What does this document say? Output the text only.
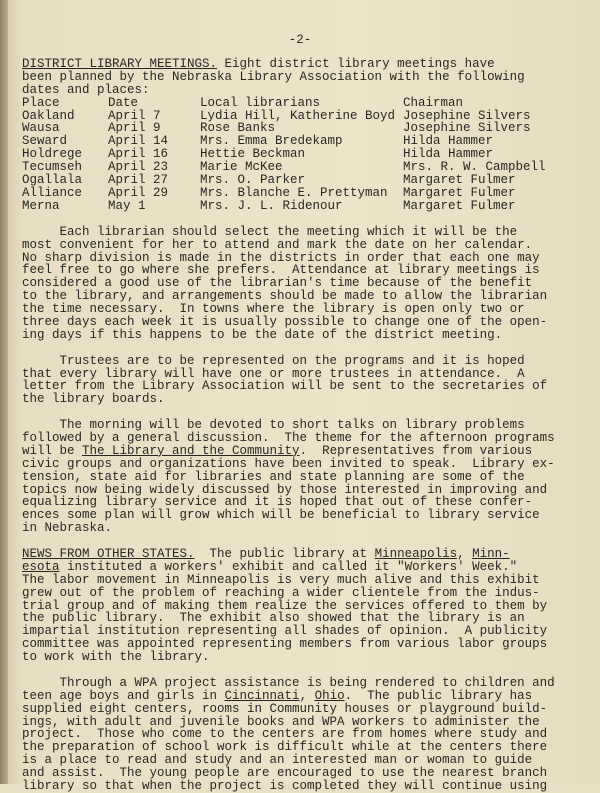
-2-
DISTRICT LIBRARY MEETINGS. Eight district library meetings have
been planned by the Nebraska Library Association with the following
dates and places:
Place	Date	Local librarians	Chairman
Oakland	April 7	Lydia Hill, Katherine Boyd	Josephine Silvers
Wausa	April 9	Rose Banks	Josephine Silvers
Seward	April 14	Mrs. Emma Bredekamp	Hilda Hammer
Holdrege	April 16	Hettie Beckman	Hilda Hammer
Tecumseh	April 23	Marie McKee	Mrs. R. W. Campbell
Ogallala	April 27	Mrs. O. Parker	Margaret Fulmer
Alliance	April 29	Mrs. Blanche E. Prettyman	Margaret Fulmer
Merna	May 1	Mrs. J. L. Ridenour	Margaret Fulmer
Each librarian should select the meeting which it will be the
most convenient for her to attend and mark the date on her calendar.
No sharp division is made in the districts in order that each one may
feel free to go where she prefers.  Attendance at library meetings is
considered a good use of the librarian's time because of the benefit
to the library, and arrangements should be made to allow the librarian
the time necessary.  In towns where the library is open only two or
three days each week it is usually possible to change one of the open-
ing days if this happens to be the date of the district meeting.
Trustees are to be represented on the programs and it is hoped
that every library will have one or more trustees in attendance.  A
letter from the Library Association will be sent to the secretaries of
the library boards.
The morning will be devoted to short talks on library problems
followed by a general discussion.  The theme for the afternoon programs
will be The Library and the Community.  Representatives from various
civic groups and organizations have been invited to speak.  Library ex-
tension, state aid for libraries and state planning are some of the
topics now being widely discussed by those interested in improving and
equalizing library service and it is hoped that out of these confer-
ences some plan will grow which will be beneficial to library service
in Nebraska.
NEWS FROM OTHER STATES.  The public library at Minneapolis, Minn-
esota instituted a workers' exhibit and called it "Workers' Week."
The labor movement in Minneapolis is very much alive and this exhibit
grew out of the problem of reaching a wider clientele from the indus-
trial group and of making them realize the services offered to them by
the public library.  The exhibit also showed that the library is an
impartial institution representing all shades of opinion.  A publicity
committee was appointed representing members from various labor groups
to work with the library.
Through a WPA project assistance is being rendered to children and
teen age boys and girls in Cincinnati, Ohio.  The public library has
supplied eight centers, rooms in Community houses or playground build-
ings, with adult and juvenile books and WPA workers to administer the
project.  Those who come to the centers are from homes where study and
the preparation of school work is difficult while at the centers there
is a place to read and study and an interested man or woman to guide
and assist.  The young people are encouraged to use the nearest branch
library so that when the project is completed they will continue using
